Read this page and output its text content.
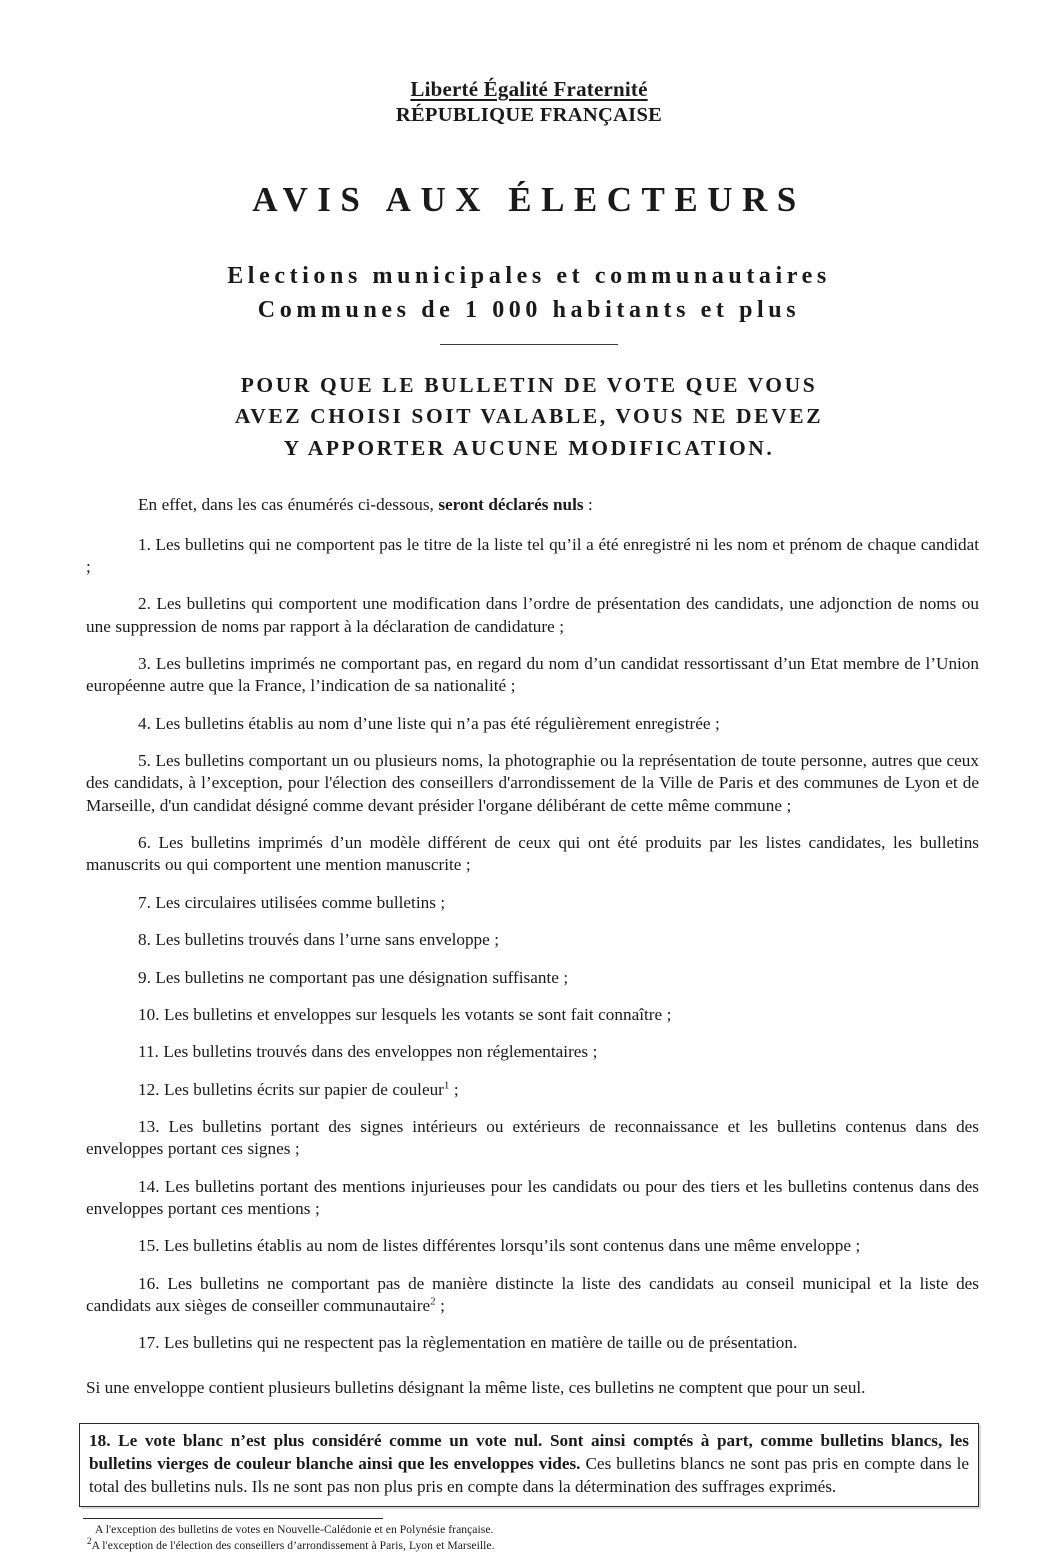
Liberté Égalité Fraternité
RÉPUBLIQUE FRANÇAISE
AVIS AUX ÉLECTEURS
Elections municipales et communautaires
Communes de 1 000 habitants et plus
POUR QUE LE BULLETIN DE VOTE QUE VOUS
AVEZ CHOISI SOIT VALABLE, VOUS NE DEVEZ
Y APPORTER AUCUNE MODIFICATION.

En effet, dans les cas énumérés ci-dessous, seront déclarés nuls :

1. Les bulletins qui ne comportent pas le titre de la liste tel qu’il a été enregistré ni les nom et prénom de chaque candidat ;

2. Les bulletins qui comportent une modification dans l’ordre de présentation des candidats, une adjonction de noms ou une suppression de noms par rapport à la déclaration de candidature ;

3. Les bulletins imprimés ne comportant pas, en regard du nom d’un candidat ressortissant d’un Etat membre de l’Union européenne autre que la France, l’indication de sa nationalité ;

4. Les bulletins établis au nom d’une liste qui n’a pas été régulièrement enregistrée ;

5. Les bulletins comportant un ou plusieurs noms, la photographie ou la représentation de toute personne, autres que ceux des candidats, à l’exception, pour l'élection des conseillers d'arrondissement de la Ville de Paris et des communes de Lyon et de Marseille, d'un candidat désigné comme devant présider l'organe délibérant de cette même commune ;

6. Les bulletins imprimés d’un modèle différent de ceux qui ont été produits par les listes candidates, les bulletins manuscrits ou qui comportent une mention manuscrite ;

7. Les circulaires utilisées comme bulletins ;

8. Les bulletins trouvés dans l’urne sans enveloppe ;

9. Les bulletins ne comportant pas une désignation suffisante ;

10. Les bulletins et enveloppes sur lesquels les votants se sont fait connaître ;

11. Les bulletins trouvés dans des enveloppes non réglementaires ;

12. Les bulletins écrits sur papier de couleur$^1$ ;

13. Les bulletins portant des signes intérieurs ou extérieurs de reconnaissance et les bulletins contenus dans des enveloppes portant ces signes ;

14. Les bulletins portant des mentions injurieuses pour les candidats ou pour des tiers et les bulletins contenus dans des enveloppes portant ces mentions ;

15. Les bulletins établis au nom de listes différentes lorsqu’ils sont contenus dans une même enveloppe ;

16. Les bulletins ne comportant pas de manière distincte la liste des candidats au conseil municipal et la liste des candidats aux sièges de conseiller communautaire$^2$ ;

17. Les bulletins qui ne respectent pas la règlementation en matière de taille ou de présentation.

Si une enveloppe contient plusieurs bulletins désignant la même liste, ces bulletins ne comptent que pour un seul.

18. Le vote blanc n’est plus considéré comme un vote nul. Sont ainsi comptés à part, comme bulletins blancs, les bulletins vierges de couleur blanche ainsi que les enveloppes vides. Ces bulletins blancs ne sont pas pris en compte dans le total des bulletins nuls. Ils ne sont pas non plus pris en compte dans la détermination des suffrages exprimés.

A l'exception des bulletins de votes en Nouvelle-Calédonie et en Polynésie française.

$^2$A l'exception de l'élection des conseillers d’arrondissement à Paris, Lyon et Marseille.
